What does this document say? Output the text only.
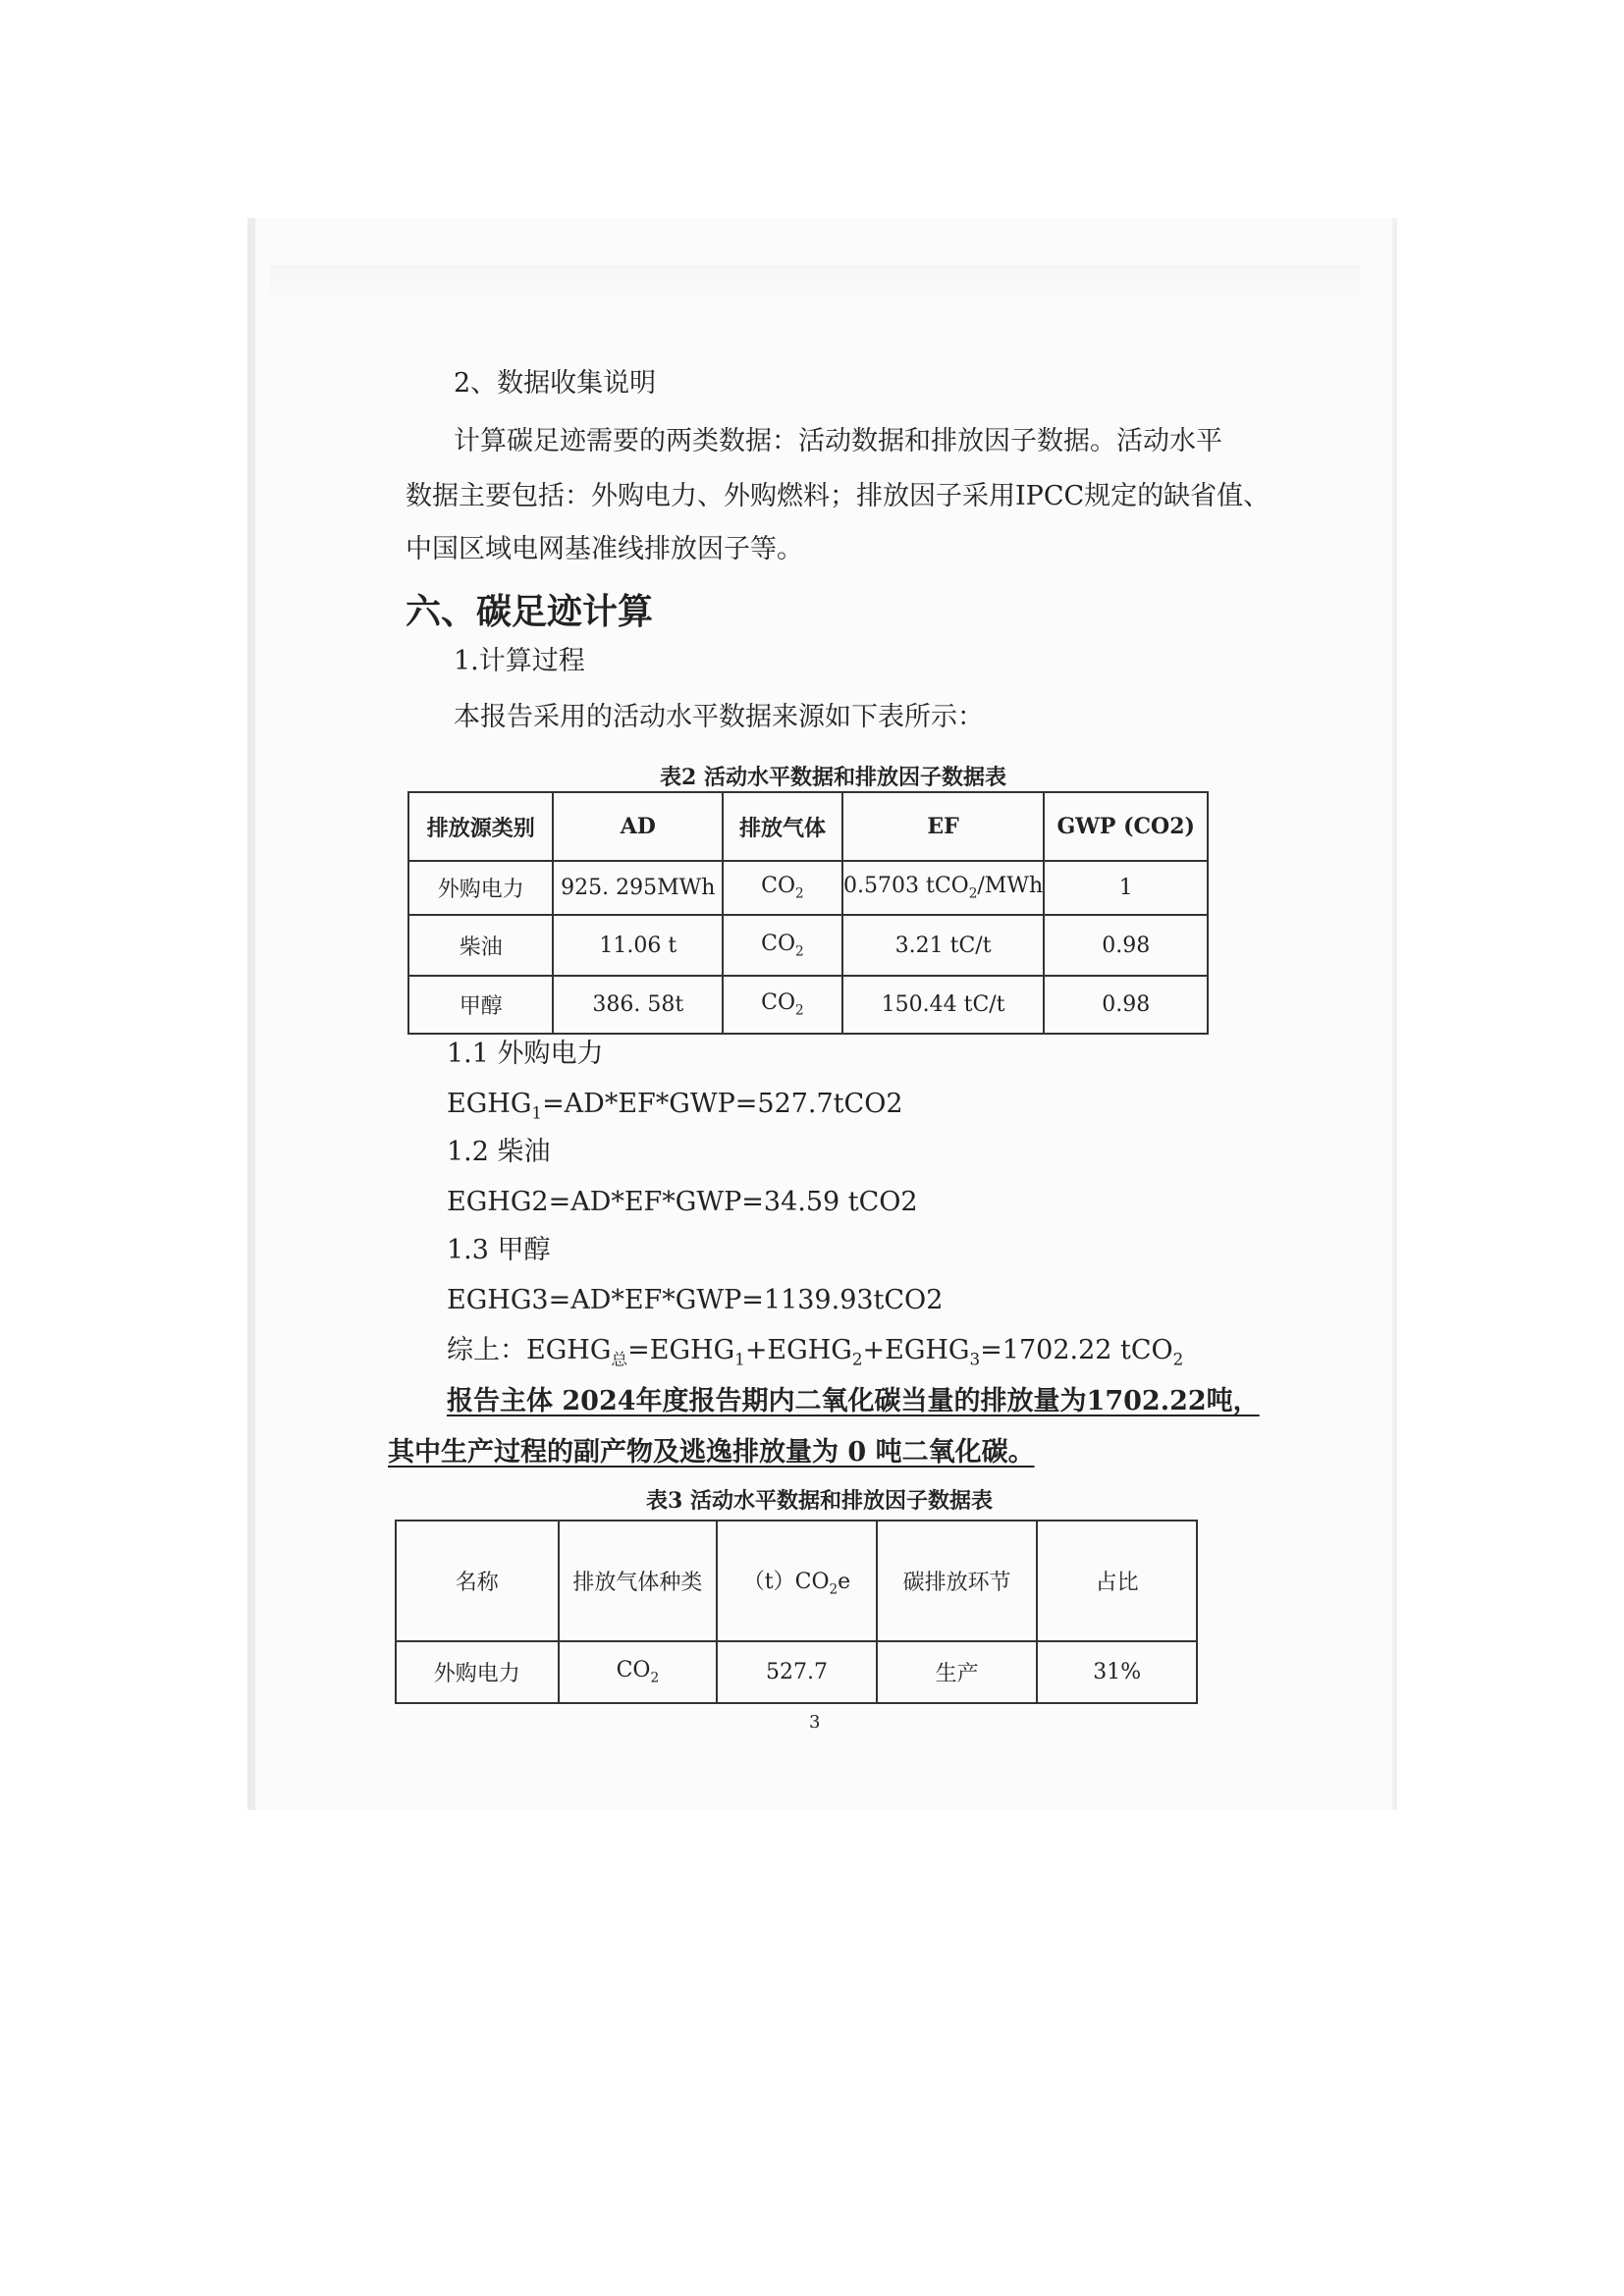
2、数据收集说明
计算碳足迹需要的两类数据：活动数据和排放因子数据。活动水平
数据主要包括：外购电力、外购燃料；排放因子采用IPCC规定的缺省值、
中国区域电网基准线排放因子等。
六、碳足迹计算
1.计算过程
本报告采用的活动水平数据来源如下表所示：
表2 活动水平数据和排放因子数据表
排放源类别	AD	排放气体	EF	GWP (CO2)
外购电力	925. 295MWh	$CO_2$	0.5703 tCO$_2$/MWh	1
柴油	11.06 t	$CO_2$	3.21 tC/t	0.98
甲醇	386. 58t	$CO_2$	150.44 tC/t	0.98
1.1 外购电力
$EGHG_1=AD*EF*GWP=527.7tCO2$
1.2 柴油
EGHG2=AD*EF*GWP=34.59 tCO2
1.3 甲醇
EGHG3=AD*EF*GWP=1139.93tCO2
综上：$EGHG_总=EGHG_1+EGHG_2+EGHG_3=1702.22$ tCO$_2$
报告主体 2024年度报告期内二氧化碳当量的排放量为1702.22吨，
其中生产过程的副产物及逃逸排放量为 0 吨二氧化碳。
表3 活动水平数据和排放因子数据表
名称	排放气体种类	$(t)CO_2e$	碳排放环节	占比
外购电力	$CO_2$	527.7	生产	31%
3
